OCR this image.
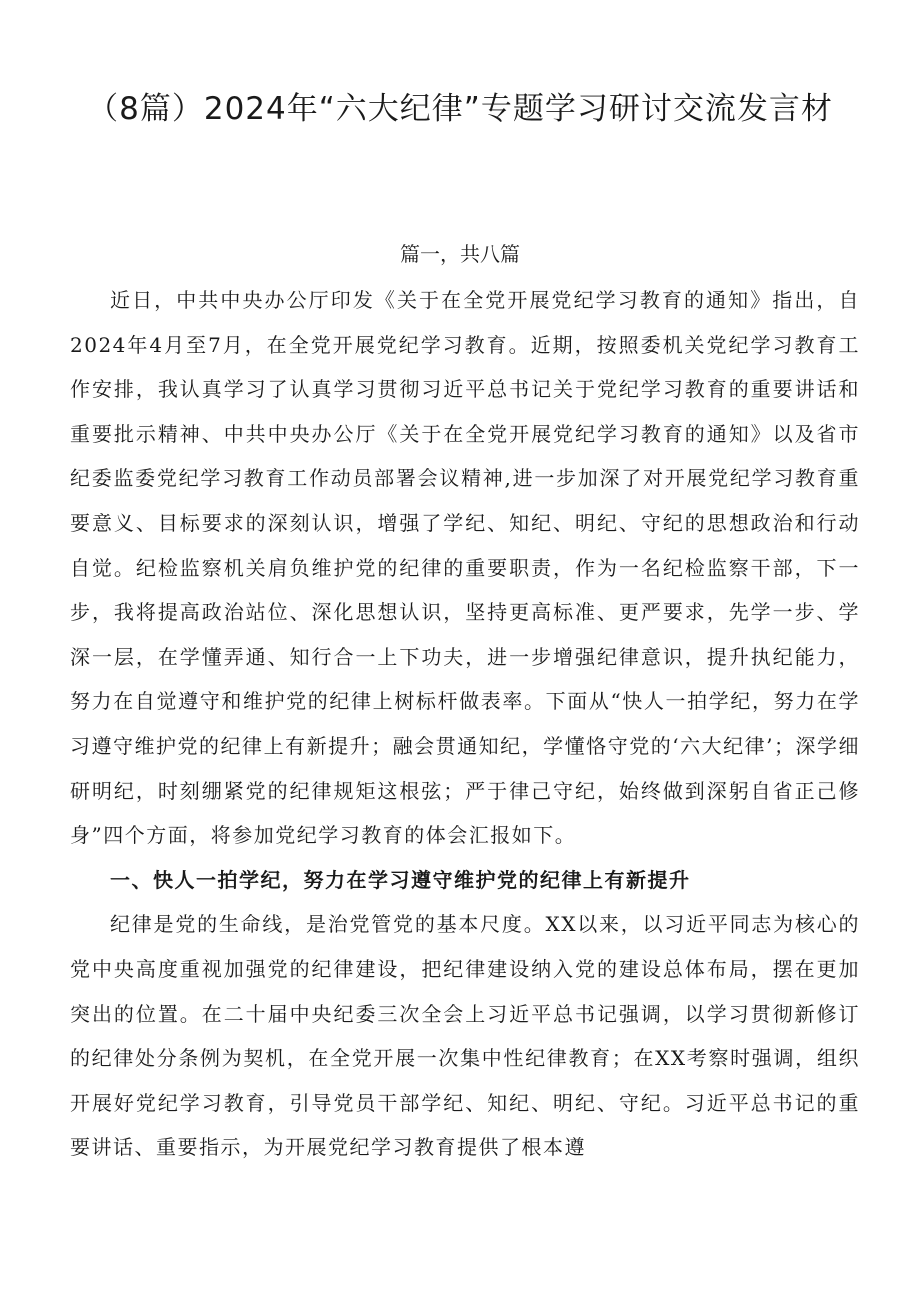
（8篇）2024年“六大纪律”专题学习研讨交流发言材
篇一，共八篇

近日，中共中央办公厅印发《关于在全党开展党纪学习教育的通知》指出，自2024年4月至7月，在全党开展党纪学习教育。近期，按照委机关党纪学习教育工作安排，我认真学习了认真学习贯彻习近平总书记关于党纪学习教育的重要讲话和重要批示精神、中共中央办公厅《关于在全党开展党纪学习教育的通知》以及省市纪委监委党纪学习教育工作动员部署会议精神,进一步加深了对开展党纪学习教育重要意义、目标要求的深刻认识，增强了学纪、知纪、明纪、守纪的思想政治和行动自觉。纪检监察机关肩负维护党的纪律的重要职责，作为一名纪检监察干部，下一步，我将提高政治站位、深化思想认识，坚持更高标准、更严要求，先学一步、学深一层，在学懂弄通、知行合一上下功夫，进一步增强纪律意识，提升执纪能力，努力在自觉遵守和维护党的纪律上树标杆做表率。下面从“快人一拍学纪，努力在学习遵守维护党的纪律上有新提升；融会贯通知纪，学懂恪守党的‘六大纪律’；深学细研明纪，时刻绷紧党的纪律规矩这根弦；严于律己守纪，始终做到深躬自省正己修身”四个方面，将参加党纪学习教育的体会汇报如下。

一、快人一拍学纪，努力在学习遵守维护党的纪律上有新提升

纪律是党的生命线，是治党管党的基本尺度。XX以来，以习近平同志为核心的党中央高度重视加强党的纪律建设，把纪律建设纳入党的建设总体布局，摆在更加突出的位置。在二十届中央纪委三次全会上习近平总书记强调，以学习贯彻新修订的纪律处分条例为契机，在全党开展一次集中性纪律教育；在XX考察时强调，组织开展好党纪学习教育，引导党员干部学纪、知纪、明纪、守纪。习近平总书记的重要讲话、重要指示，为开展党纪学习教育提供了根本遵
